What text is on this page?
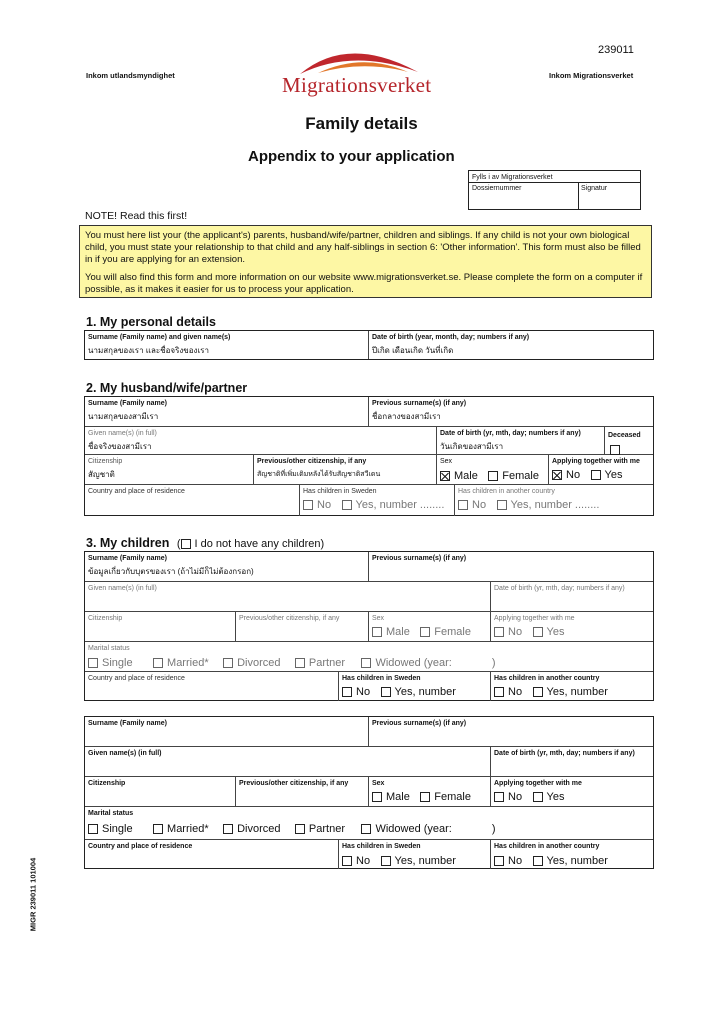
239011
Inkom utlandsmyndighet	Inkom Migrationsverket
Migrationsverket
Family details
Appendix to your application
Fylls i av Migrationsverket
Dossiernummer	Signatur
NOTE! Read this first!

You must here list your (the applicant's) parents, husband/wife/partner, children and siblings. If any child is not your own biological child, you must state your relationship to that child and any half-siblings in section 6: 'Other information'. This form must also be filled in if you are applying for an extension.

You will also find this form and more information on our website www.migrationsverket.se. Please complete the form on a computer if possible, as it makes it easier for us to process your application.

1. My personal details
Surname (Family name) and given name(s)
นามสกุลของเรา และชื่อจริงของเรา
Date of birth (year, month, day; numbers if any)
ปีเกิด เดือนเกิด วันที่เกิด
2. My husband/wife/partner
Surname (Family name)
นามสกุลของสามีเรา
Previous surname(s) (if any)
ชื่อกลางของสามีเรา
Given name(s) (in full)
ชื่อจริงของสามีเรา
Date of birth (yr, mth, day; numbers if any)
วันเกิดของสามีเรา
Deceased
Citizenship
สัญชาติ
Previous/other citizenship, if any
สัญชาติที่เพิ่มเติมหลังได้รับสัญชาติสวีเดน
Sex
Male
Female
Applying together with me
No
Yes
Country and place of residence	Has children in Sweden
No
Yes, number ........
Has children in another country
No
Yes, number ........
3. My children ( I do not have any children)
Surname (Family name)
ข้อมูลเกี่ยวกับบุตรของเรา (ถ้าไม่มีก็ไม่ต้องกรอก)
Previous surname(s) (if any)
Given name(s) (in full)	Date of birth (yr, mth, day; numbers if any)
Citizenship	Previous/other citizenship, if any	Sex
Male
Female
Applying together with me
No
Yes
Marital status
Single
	Married*
	Divorced
	Partner
	Widowed (year:	)
Country and place of residence	Has children in Sweden
No
Yes, number
Has children in another country
No
Yes, number
Surname (Family name)	Previous surname(s) (if any)
Given name(s) (in full)	Date of birth (yr, mth, day; numbers if any)
Citizenship	Previous/other citizenship, if any	Sex
Male
Female
Applying together with me
No
Yes
Marital status
Single
	Married*
	Divorced
	Partner
	Widowed (year:	)
Country and place of residence	Has children in Sweden
No
Yes, number
Has children in another country
No
Yes, number
MIGR 239011 101004
